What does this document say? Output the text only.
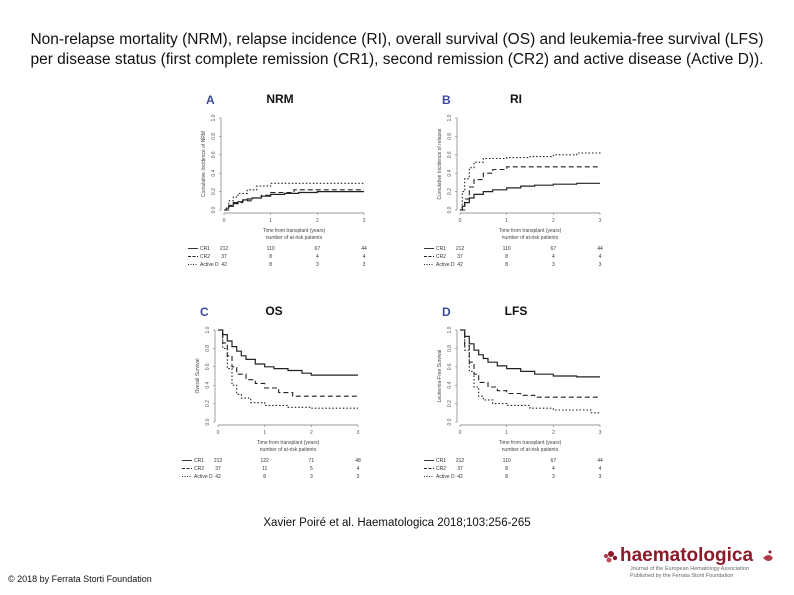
Non-relapse mortality (NRM), relapse incidence (RI), overall survival (OS) and leukemia-free survival (LFS) per disease status (first complete remission (CR1), second remission (CR2) and active disease (Active D)).
A	NRM
0.0
0.2
0.4
0.6
0.8
1.0
0	1	2	3
Cumulative Incidence of NRM
Time from transplant (years)
number of at-risk patients
CR1 212	110	67	44
CR2 37	8	4	4
Active D 42	8	3	3
B	RI
0.0
0.2
0.4
0.6
0.8
1.0
0	1	2	3
Cumulative Incidence of relapse
Time from transplant (years)
number of at-risk patients
CR1 212	110	67	44
CR2 37	8	4	4
Active D 42	8	3	3
C	OS
0.0
0.2
0.4
0.6
0.8
1.0
0	1	2	3
Overall Survival
Time from transplant (years)
number of at-risk patients
CR1 212	122	71	48
CR2 37	11	5	4
Active D 42	8	3	3
D	LFS
0.0
0.2
0.4
0.6
0.8
1.0
0	1	2	3
Leukemia-Free Survival
Time from transplant (years)
number of at-risk patients
CR1 212	110	67	44
CR2 37	8	4	4
Active D 42	8	3	3
Xavier Poiré et al. Haematologica 2018;103:256-265
haematologica
Journal of the European Hematology Association
Published by the Ferrata Storti Foundation
© 2018 by Ferrata Storti Foundation
